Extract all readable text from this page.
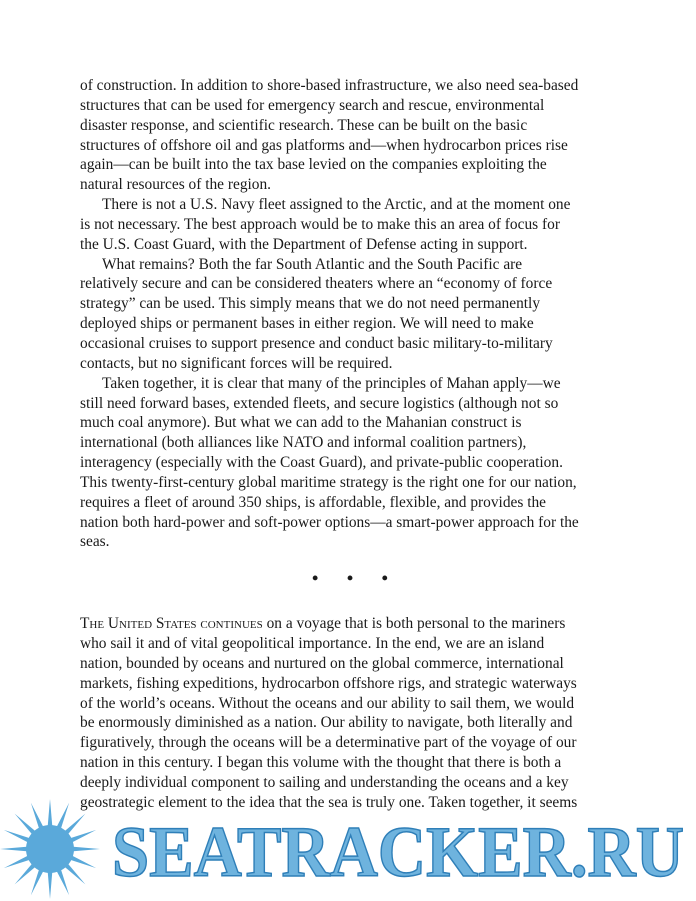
of construction. In addition to shore-based infrastructure, we also need sea-based
structures that can be used for emergency search and rescue, environmental
disaster response, and scientific research. These can be built on the basic
structures of offshore oil and gas platforms and—when hydrocarbon prices rise
again—can be built into the tax base levied on the companies exploiting the
natural resources of the region.

There is not a U.S. Navy fleet assigned to the Arctic, and at the moment one
is not necessary. The best approach would be to make this an area of focus for
the U.S. Coast Guard, with the Department of Defense acting in support.

What remains? Both the far South Atlantic and the South Pacific are
relatively secure and can be considered theaters where an “economy of force
strategy” can be used. This simply means that we do not need permanently
deployed ships or permanent bases in either region. We will need to make
occasional cruises to support presence and conduct basic military-to-military
contacts, but no significant forces will be required.

Taken together, it is clear that many of the principles of Mahan apply—we
still need forward bases, extended fleets, and secure logistics (although not so
much coal anymore). But what we can add to the Mahanian construct is
international (both alliances like NATO and informal coalition partners),
interagency (especially with the Coast Guard), and private-public cooperation.
This twenty-first-century global maritime strategy is the right one for our nation,
requires a fleet of around 350 ships, is affordable, flexible, and provides the
nation both hard-power and soft-power options—a smart-power approach for the
seas.

• • •

The United States continues on a voyage that is both personal to the mariners
who sail it and of vital geopolitical importance. In the end, we are an island
nation, bounded by oceans and nurtured on the global commerce, international
markets, fishing expeditions, hydrocarbon offshore rigs, and strategic waterways
of the world’s oceans. Without the oceans and our ability to sail them, we would
be enormously diminished as a nation. Our ability to navigate, both literally and
figuratively, through the oceans will be a determinative part of the voyage of our
nation in this century. I began this volume with the thought that there is both a
deeply individual component to sailing and understanding the oceans and a key
geostrategic element to the idea that the sea is truly one. Taken together, it seems

SEATRACKER.RU
